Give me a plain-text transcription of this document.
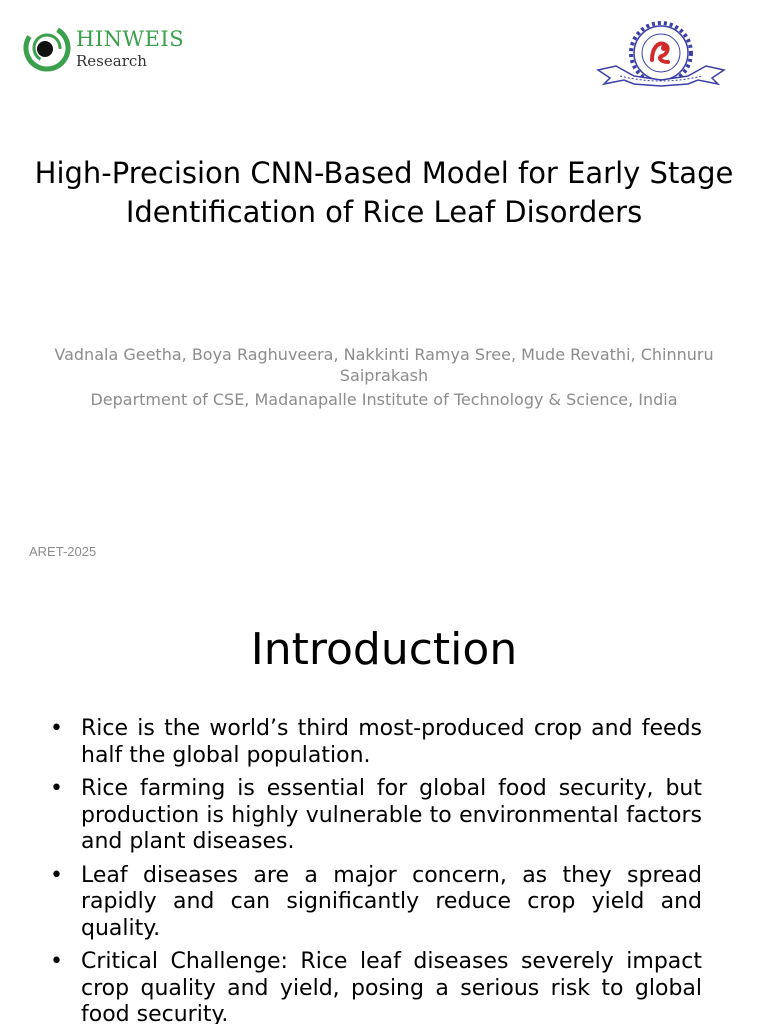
HINWEIS
Research
High-Precision CNN-Based Model for Early Stage Identification of Rice Leaf Disorders
Vadnala Geetha, Boya Raghuveera, Nakkinti Ramya Sree, Mude Revathi, Chinnuru Saiprakash
Department of CSE, Madanapalle Institute of Technology & Science, India
ARET-2025
Introduction
• Rice is the world’s third most-produced crop and feeds half the global population.
• Rice farming is essential for global food security, but production is highly vulnerable to environmental factors and plant diseases.
• Leaf diseases are a major concern, as they spread rapidly and can significantly reduce crop yield and quality.
• Critical Challenge: Rice leaf diseases severely impact crop quality and yield, posing a serious risk to global food security.
